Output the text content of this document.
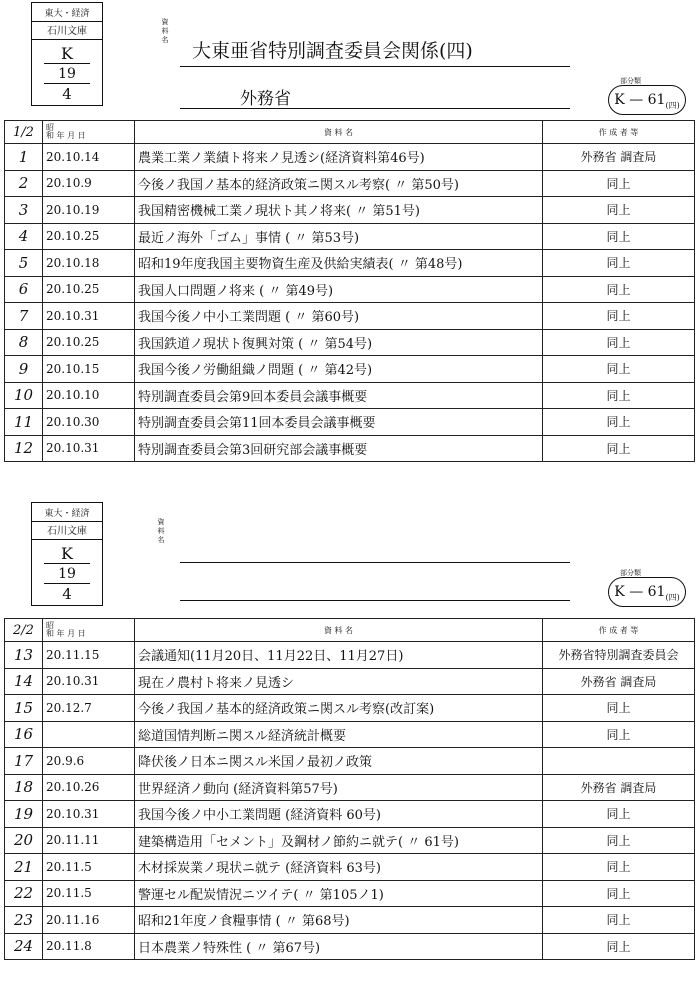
東大・経済
石川文庫
K
19
4
資
料
名 大東亜省特別調査委員会関係(四)
外務省
部分類
K — $61_{(四)}$
1/2	昭
和 年 月 日	資 料 名	作 成 者 等
1	20.10.14	農業工業ノ業績ト将来ノ見透シ(経済資料第46号)	外務省 調査局
2	20.10.9	今後ノ我国ノ基本的経済政策ニ関スル考察( 〃 第50号)	同上
3	20.10.19	我国精密機械工業ノ現状ト其ノ将来( 〃 第51号)	同上
4	20.10.25	最近ノ海外「ゴム」事情 ( 〃 第53号)	同上
5	20.10.18	昭和19年度我国主要物資生産及供給実績表( 〃 第48号)	同上
6	20.10.25	我国人口問題ノ将来 ( 〃 第49号)	同上
7	20.10.31	我国今後ノ中小工業問題 ( 〃 第60号)	同上
8	20.10.25	我国鉄道ノ現状ト復興対策 ( 〃 第54号)	同上
9	20.10.15	我国今後ノ労働組織ノ問題 ( 〃 第42号)	同上
10	20.10.10	特別調査委員会第9回本委員会議事概要	同上
11	20.10.30	特別調査委員会第11回本委員会議事概要	同上
12	20.10.31	特別調査委員会第3回研究部会議事概要	同上
東大・経済
石川文庫
K
19
4
資
料
名
部分類
K — $61_{(四)}$
2/2	昭
和 年 月 日	資 料 名	作 成 者 等
13	20.11.15	会議通知(11月20日、11月22日、11月27日)	外務省特別調査委員会
14	20.10.31	現在ノ農村ト将来ノ見透シ	外務省 調査局
15	20.12.7	今後ノ我国ノ基本的経済政策ニ関スル考察(改訂案)	同上
16		総道国情判断ニ関スル経済統計概要	同上
17	20.9.6	降伏後ノ日本ニ関スル米国ノ最初ノ政策	
18	20.10.26	世界経済ノ動向 (経済資料第57号)	外務省 調査局
19	20.10.31	我国今後ノ中小工業問題 (経済資料 60号)	同上
20	20.11.11	建築構造用「セメント」及鋼材ノ節約ニ就テ( 〃 61号)	同上
21	20.11.5	木材採炭業ノ現状ニ就テ (経済資料 63号)	同上
22	20.11.5	警運セル配炭情況ニツイテ( 〃 第105ノ1)	同上
23	20.11.16	昭和21年度ノ食糧事情 ( 〃 第68号)	同上
24	20.11.8	日本農業ノ特殊性 ( 〃 第67号)	同上
